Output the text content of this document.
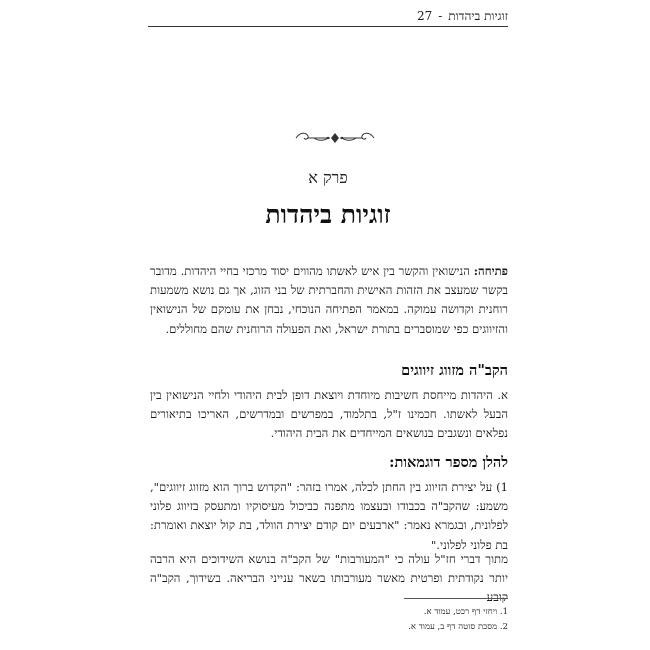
זוגיות ביהדות
-
27
פרק א
זוגיות ביהדות
פתיחה: הנישואין והקשר בין איש לאשתו מהווים יסוד מרכזי בחיי היהדות. מדובר בקשר שמעצב את הזהות האישית והחברתית של בני הזוג, אך גם נושא משמעות רוחנית וקדושה עמוקה. במאמר הפתיחה הנוכחי, נבחן את עומקם של הנישואין והזיווגים כפי שמוסברים בתורת ישראל, ואת הפעולה הרוחנית שהם מחוללים.
הקב"ה מזווג זיווגים
א. היהדות מייחסת חשיבות מיוחדת ויוצאת דופן לבית היהודי ולחיי הנישואין בין הבעל לאשתו. חכמינו ז"ל, בתלמוד, במפרשים ובמדרשים, האריכו בתיאורים נפלאים ונשגבים בנושאים המייחדים את הבית היהודי.
להלן מספר דוגמאות:
1) על יצירת הזיווג בין החתן לכלה, אמרו בזהר: "הקדוש ברוך הוא מזווג זיווגים", משמע: שהקב"ה בכבודו ובעצמו מתפנה כביכול מעיסוקיו ומתעסק בזיווג פלוני לפלונית, ובגמרא נאמר: "ארבעים יום קודם יצירת הוולד, בת קול יוצאת ואומרת: בת פלוני לפלוני."
מתוך דברי חז"ל עולה כי "המעורבות" של הקב"ה בנושא השידוכים היא הרבה יותר נקודתית ופרטית מאשר מעורבותו בשאר ענייני הבריאה. בשידוך, הקב"ה קובע
1. ויחזי דף רכט, עמוד א.
2. מסכת סוטה דף ב, עמוד א.
